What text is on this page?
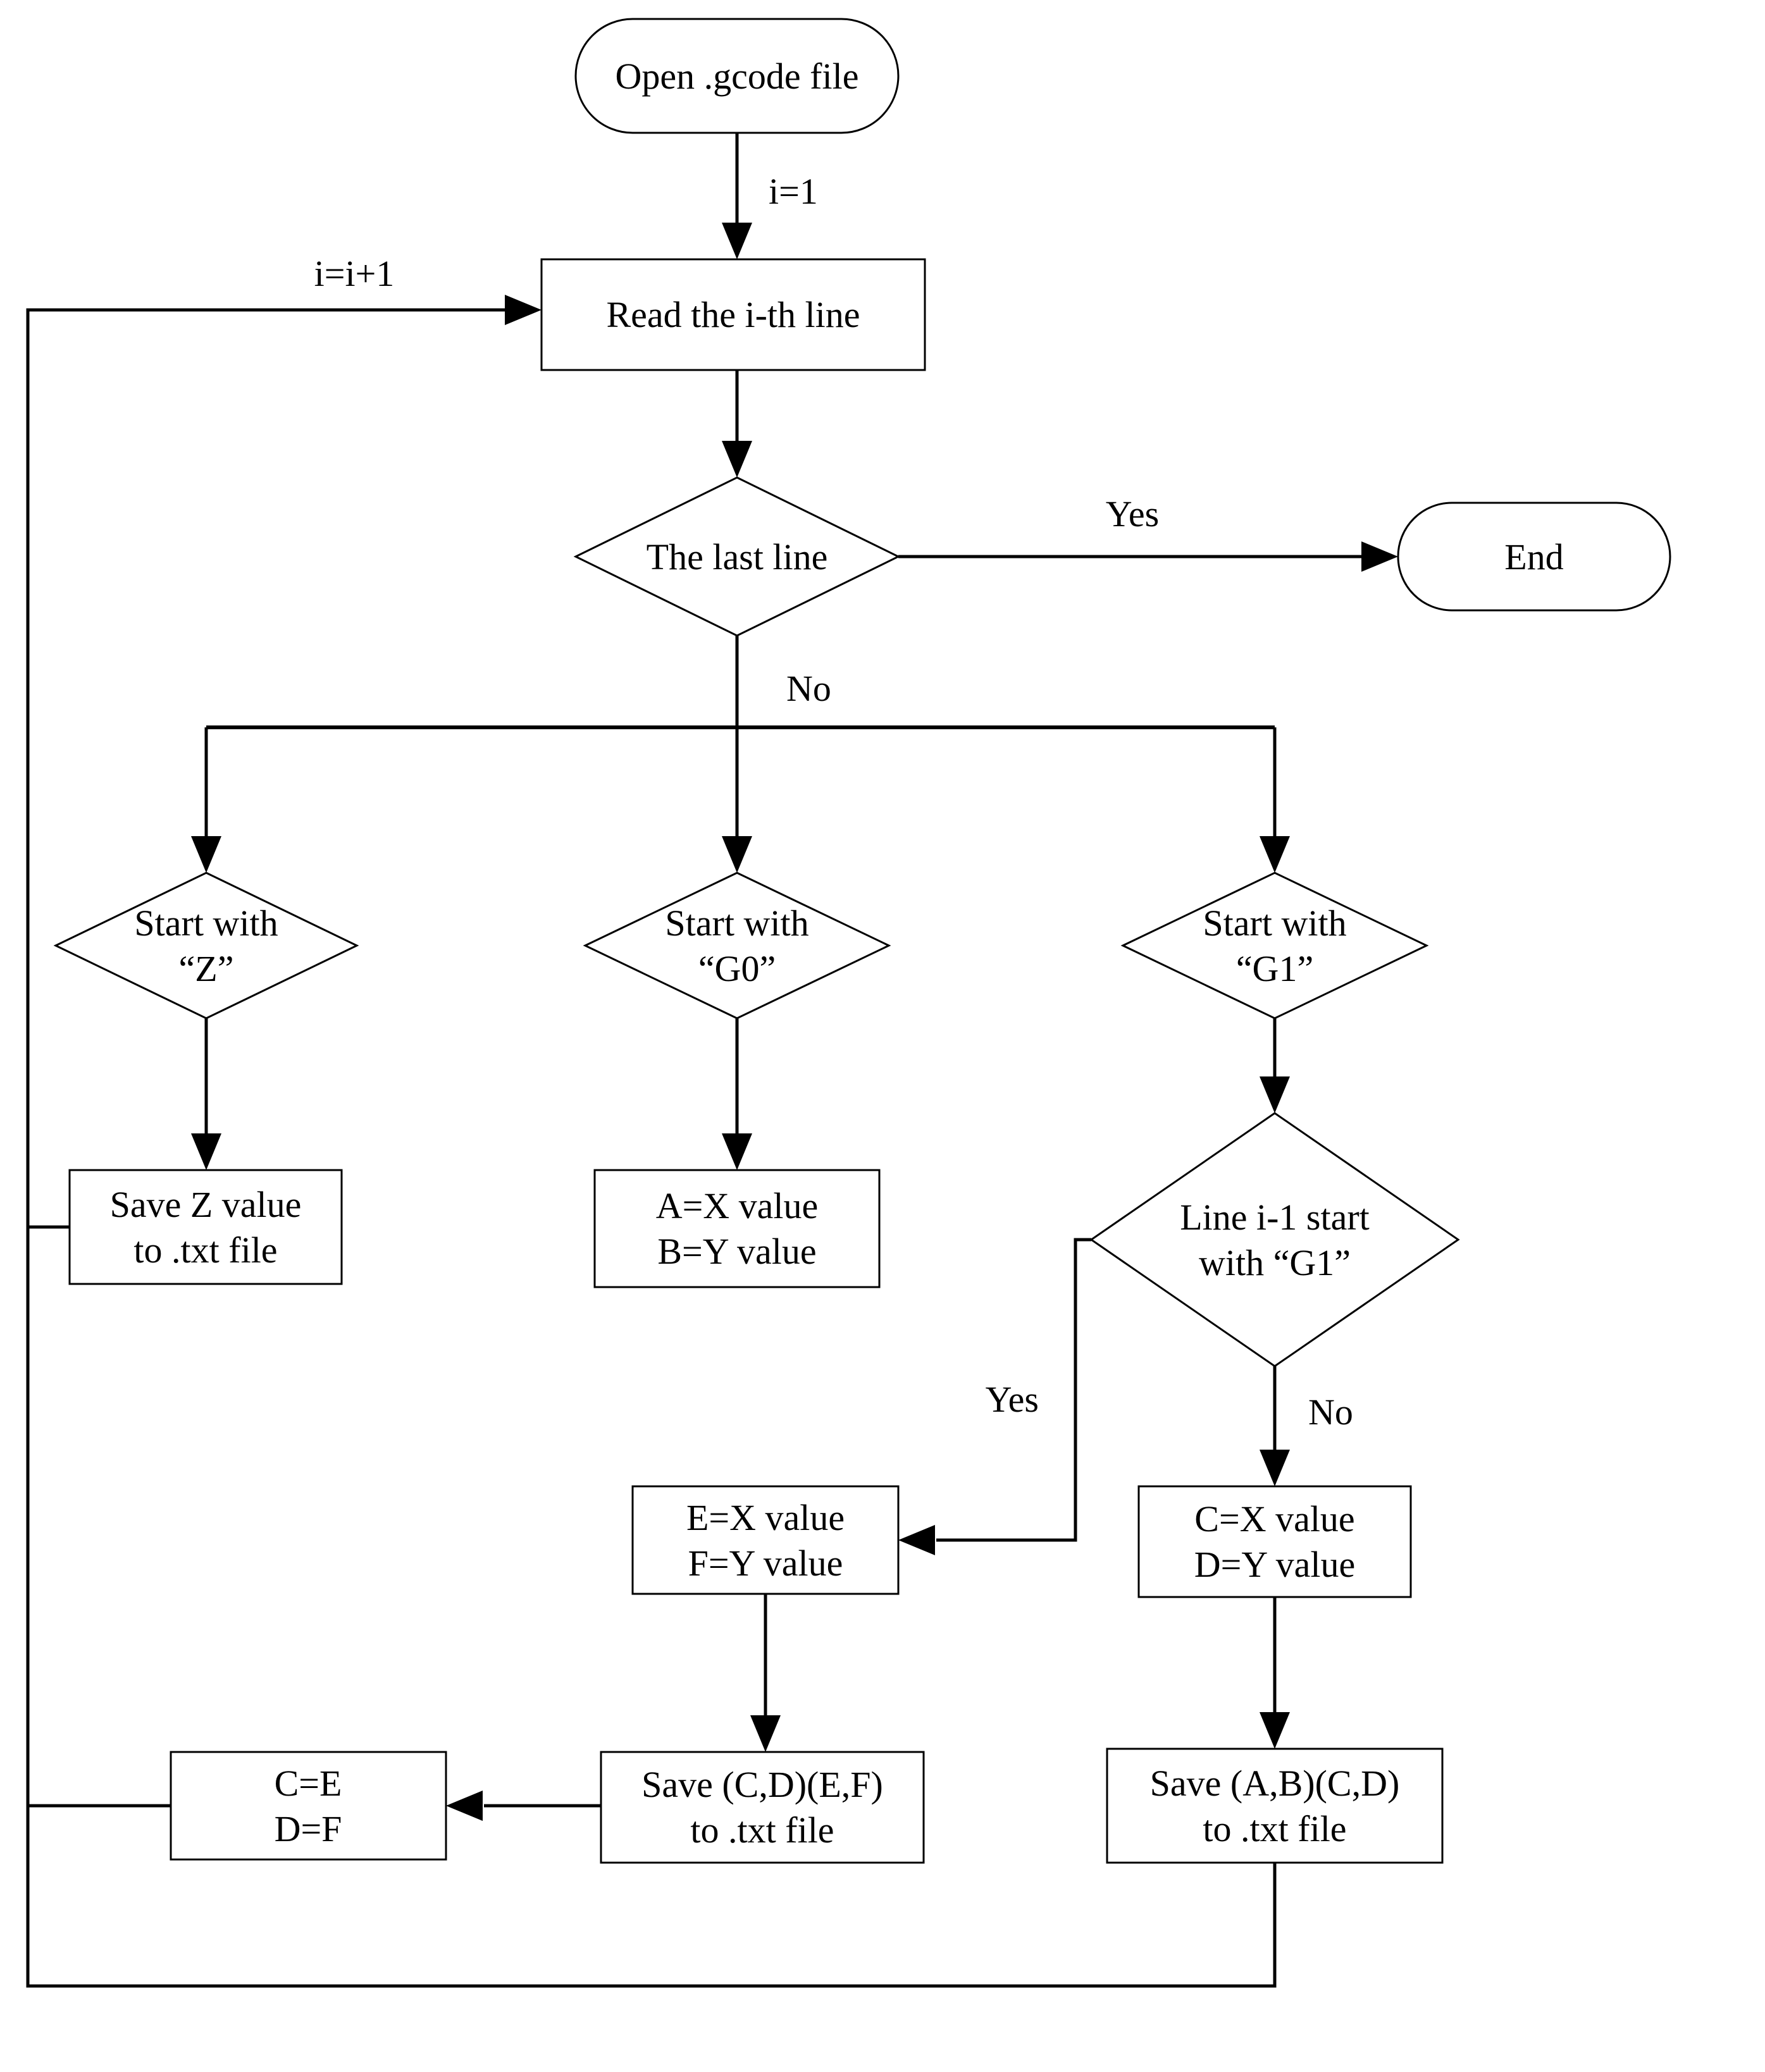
i=1
i=i+1
Yes
No
Yes	No
Open .gcode file
Read the i-th line
The last line	End
Start with
“Z”
Start with
“G0”
Start with
“G1”
Save Z value
to .txt file
A=X value
B=Y value
Line i-1 start
with “G1”
E=X value
F=Y value
C=X value
D=Y value
C=E
D=F
Save (C,D)(E,F)
to .txt file
Save (A,B)(C,D)
to .txt file
